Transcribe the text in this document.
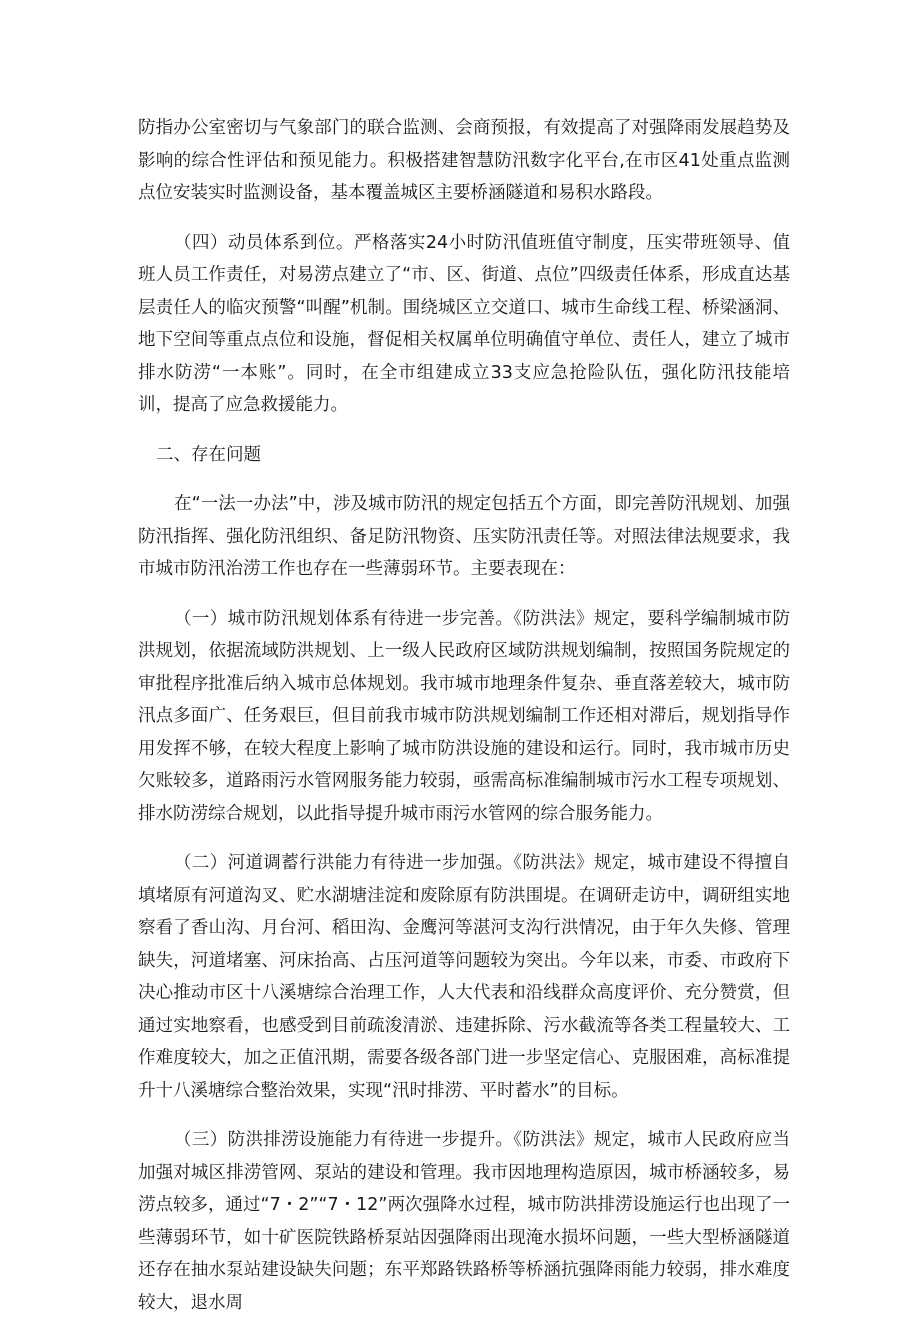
防指办公室密切与气象部门的联合监测、会商预报，有效提高了对强降雨发展趋势及影响的综合性评估和预见能力。积极搭建智慧防汛数字化平台,在市区41处重点监测点位安装实时监测设备，基本覆盖城区主要桥涵隧道和易积水路段。

（四）动员体系到位。严格落实24小时防汛值班值守制度，压实带班领导、值班人员工作责任，对易涝点建立了“市、区、街道、点位”四级责任体系，形成直达基层责任人的临灾预警“叫醒”机制。围绕城区立交道口、城市生命线工程、桥梁涵洞、地下空间等重点点位和设施，督促相关权属单位明确值守单位、责任人，建立了城市排水防涝“一本账”。同时，在全市组建成立33支应急抢险队伍，强化防汛技能培训，提高了应急救援能力。

二、存在问题

在“一法一办法”中，涉及城市防汛的规定包括五个方面，即完善防汛规划、加强防汛指挥、强化防汛组织、备足防汛物资、压实防汛责任等。对照法律法规要求，我市城市防汛治涝工作也存在一些薄弱环节。主要表现在：

（一）城市防汛规划体系有待进一步完善。《防洪法》规定，要科学编制城市防洪规划，依据流域防洪规划、上一级人民政府区域防洪规划编制，按照国务院规定的审批程序批准后纳入城市总体规划。我市城市地理条件复杂、垂直落差较大，城市防汛点多面广、任务艰巨，但目前我市城市防洪规划编制工作还相对滞后，规划指导作用发挥不够，在较大程度上影响了城市防洪设施的建设和运行。同时，我市城市历史欠账较多，道路雨污水管网服务能力较弱，亟需高标准编制城市污水工程专项规划、排水防涝综合规划，以此指导提升城市雨污水管网的综合服务能力。

（二）河道调蓄行洪能力有待进一步加强。《防洪法》规定，城市建设不得擅自填堵原有河道沟叉、贮水湖塘洼淀和废除原有防洪围堤。在调研走访中，调研组实地察看了香山沟、月台河、稻田沟、金鹰河等湛河支沟行洪情况，由于年久失修、管理缺失，河道堵塞、河床抬高、占压河道等问题较为突出。今年以来，市委、市政府下决心推动市区十八溪塘综合治理工作，人大代表和沿线群众高度评价、充分赞赏，但通过实地察看，也感受到目前疏浚清淤、违建拆除、污水截流等各类工程量较大、工作难度较大，加之正值汛期，需要各级各部门进一步坚定信心、克服困难，高标准提升十八溪塘综合整治效果，实现“汛时排涝、平时蓄水”的目标。

（三）防洪排涝设施能力有待进一步提升。《防洪法》规定，城市人民政府应当加强对城区排涝管网、泵站的建设和管理。我市因地理构造原因，城市桥涵较多，易涝点较多，通过“7・2”“7・12”两次强降水过程，城市防洪排涝设施运行也出现了一些薄弱环节，如十矿医院铁路桥泵站因强降雨出现淹水损坏问题，一些大型桥涵隧道还存在抽水泵站建设缺失问题；东平郑路铁路桥等桥涵抗强降雨能力较弱，排水难度较大，退水周
